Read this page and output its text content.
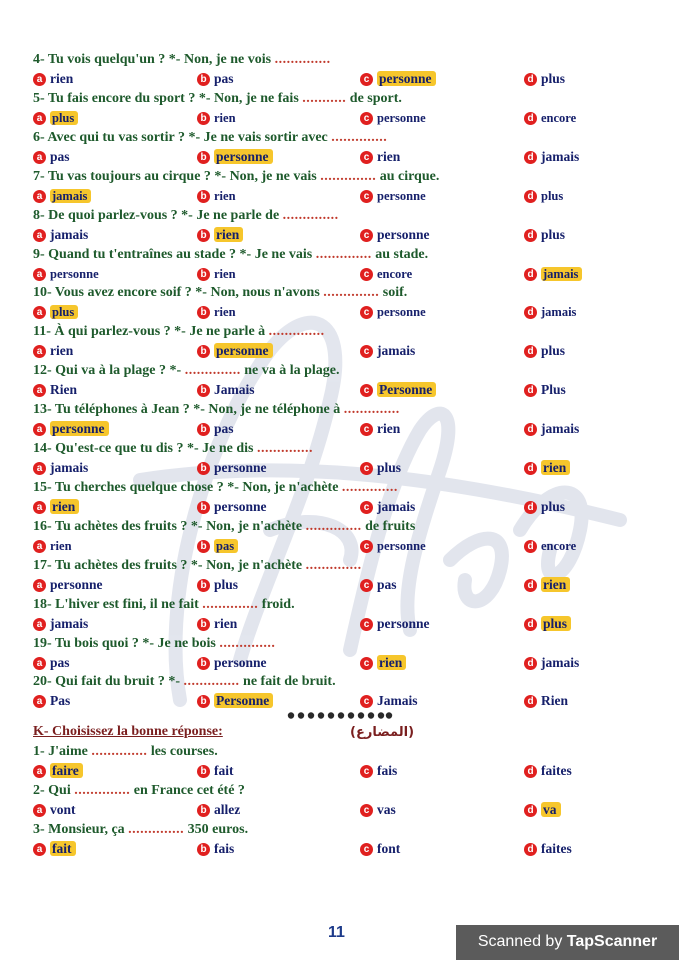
4- Tu vois quelqu'un ? *- Non, je ne vois ..............
a rien	b pas	c personne	d plus
5- Tu fais encore du sport ? *- Non, je ne fais ........... de sport.
a plus	b rien	c personne	d encore
6- Avec qui tu vas sortir ? *- Je ne vais sortir avec ..............
a pas	b personne	c rien	d jamais
7- Tu vas toujours au cirque ? *- Non, je ne vais .............. au cirque.
a jamais	b rien	c personne	d plus
8- De quoi parlez-vous ? *- Je ne parle de ..............
a jamais	b rien	c personne	d plus
9- Quand tu t'entraînes au stade ? *- Je ne vais .............. au stade.
a personne	b rien	c encore	d jamais
10- Vous avez encore soif ? *- Non, nous n'avons .............. soif.
a plus	b rien	c personne	d jamais
11- À qui parlez-vous ? *- Je ne parle à ..............
a rien	b personne	c jamais	d plus
12- Qui va à la plage ? *- .............. ne va à la plage.
a Rien	b Jamais	c Personne	d Plus
13- Tu téléphones à Jean ? *- Non, je ne téléphone à ..............
a personne	b pas	c rien	d jamais
14- Qu'est-ce que tu dis ? *- Je ne dis ..............
a jamais	b personne	c plus	d rien
15- Tu cherches quelque chose ? *- Non, je n'achète ..............
a rien	b personne	c jamais	d plus
16- Tu achètes des fruits ? *- Non, je n'achète .............. de fruits
a rien	b pas	c personne	d encore
17- Tu achètes des fruits ? *- Non, je n'achète ..............
a personne	b plus	c pas	d rien
18- L'hiver est fini, il ne fait .............. froid.
a jamais	b rien	c personne	d plus
19- Tu bois quoi ? *- Je ne bois ..............
a pas	b personne	c rien	d jamais
20- Qui fait du bruit ? *- .............. ne fait de bruit.
a Pas	b Personne	c Jamais	d Rien
K- Choisissez la bonne réponse:	(المضارع)
1- J'aime .............. les courses.
a faire	b fait	c fais	d faites
2- Qui .............. en France cet été ?
a vont	b allez	c vas	d va
3- Monsieur, ça .............. 350 euros.
a fait	b fais	c font	d faites
11
Scanned by TapScanner
